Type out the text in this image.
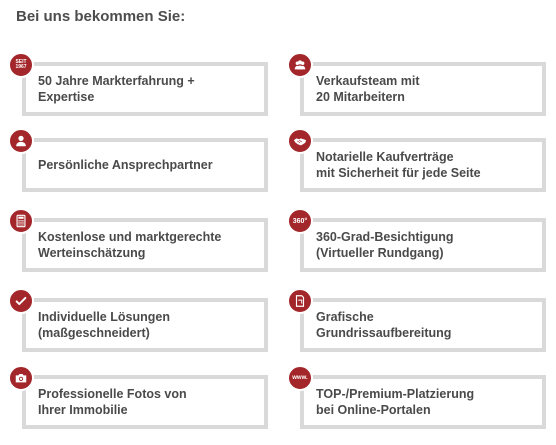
Bei uns bekommen Sie:
50 Jahre Markterfahrung +
Expertise
SEIT
1967
Verkaufsteam mit
20 Mitarbeitern
Persönliche Ansprechpartner
Notarielle Kaufverträge
mit Sicherheit für jede Seite
Kostenlose und marktgerechte
Werteinschätzung
360-Grad-Besichtigung
(Virtueller Rundgang)
360°
Individuelle Lösungen
(maßgeschneidert)
Grafische
Grundrissaufbereitung
Professionelle Fotos von
Ihrer Immobilie
TOP-/Premium-Platzierung
bei Online-Portalen
www.
